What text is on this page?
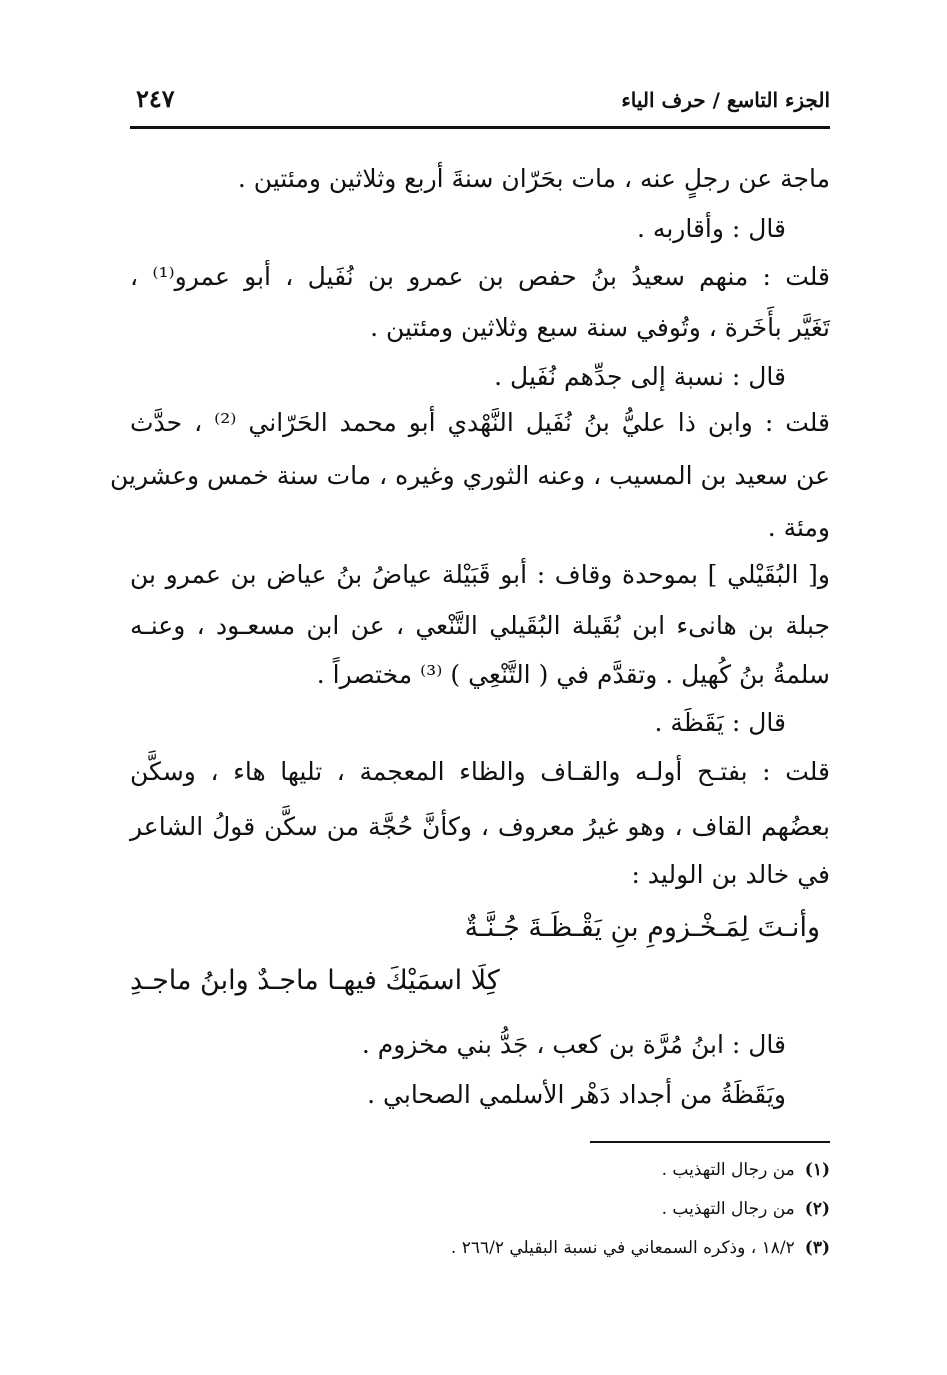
الجزء التاسع / حرف الياء
٢٤٧
ماجة عن رجلٍ عنه ، مات بحَرّان سنةَ أربع وثلاثين ومئتين .
قال : وأقاربه .
قلت : منهم سعيدُ بنُ حفص بن عمرو بن نُفَيل ، أبو عمرو⁽¹⁾ ،
تَغَيَّر بأَخَرة ، وتُوفي سنة سبع وثلاثين ومئتين .
قال : نسبة إلى جدِّهم نُفَيل .
قلت : وابن ذا عليُّ بنُ نُفَيل النَّهْدي أبو محمد الحَرّاني ⁽²⁾ ، حدَّث
عن سعيد بن المسيب ، وعنه الثوري وغيره ، مات سنة خمس وعشرين
ومئة .
و[ البُقَيْلي ] بموحدة وقاف : أبو قَبَيْلة عياضُ بنُ عياض بن عمرو بن
جبلة بن هانىء ابن بُقَيلة البُقَيلي التَّنْعي ، عن ابن مسعـود ، وعنـه
سلمةُ بنُ كُهيل . وتقدَّم في ( التَّنْعِي ) ⁽³⁾ مختصراً .
قال : يَقَظَة .
قلت : بفتـح أولـه والقـاف والظاء المعجمة ، تليها هاء ، وسكَّن
بعضُهم القاف ، وهو غيرُ معروف ، وكأنَّ حُجَّة من سكَّن قولُ الشاعر
في خالد بن الوليد :
وأنـتَ لِمَـخْـزومِ بنِ يَقْـظَـةَ جُـنَّـةٌ
كِلَا اسمَيْكَ فيهـا ماجـدٌ وابنُ ماجـدِ
قال : ابنُ مُرَّة بن كعب ، جَدُّ بني مخزوم .
ويَقَظَةُ من أجداد دَهْر الأسلمي الصحابي .
(١)من رجال التهذيب .
(٢)من رجال التهذيب .
(٣)١٨/٢ ، وذكره السمعاني في نسبة البقيلي ٢٦٦/٢ .
